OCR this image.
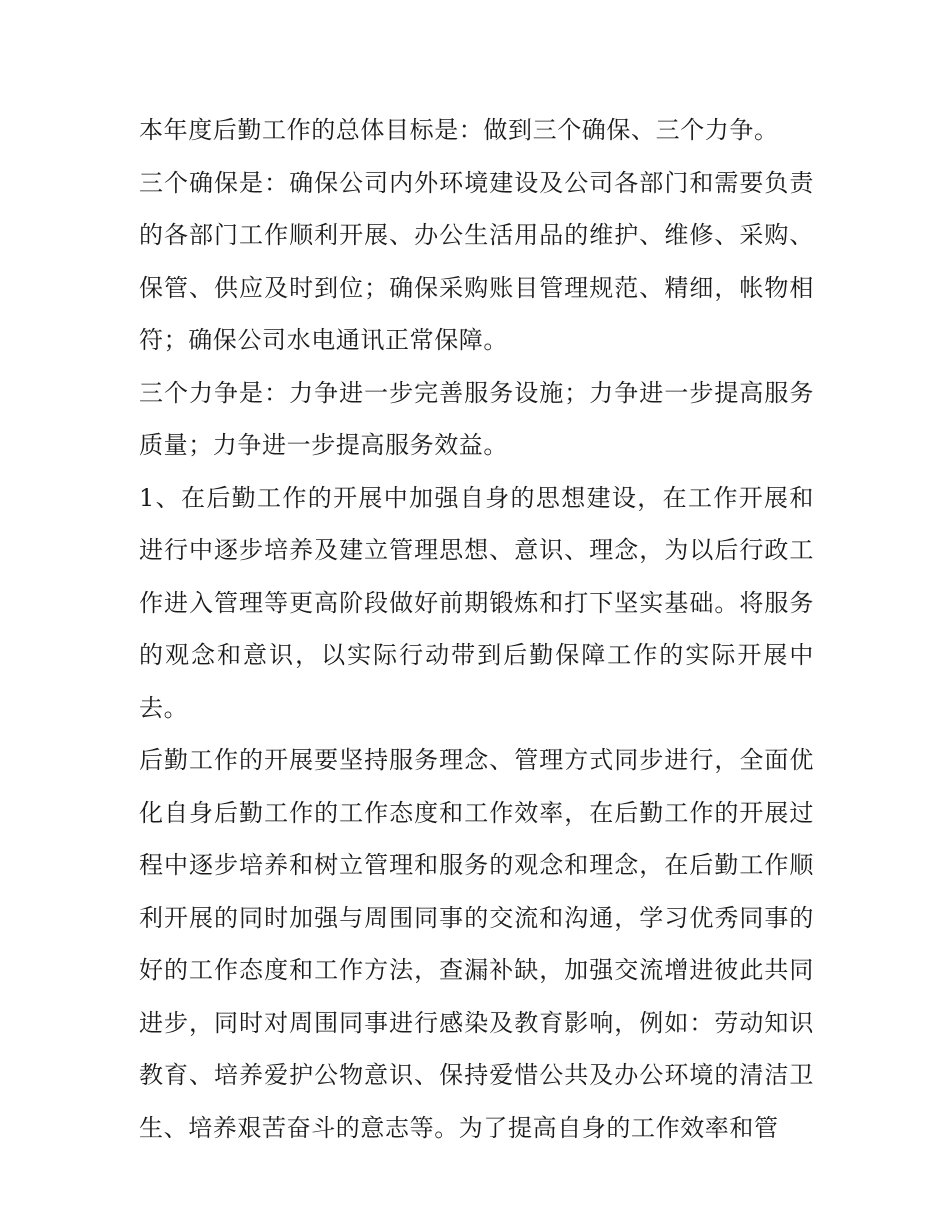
本年度后勤工作的总体目标是：做到三个确保、三个力争。

三个确保是：确保公司内外环境建设及公司各部门和需要负责的各部门工作顺利开展、办公生活用品的维护、维修、采购、保管、供应及时到位；确保采购账目管理规范、精细，帐物相符；确保公司水电通讯正常保障。

三个力争是：力争进一步完善服务设施；力争进一步提高服务质量；力争进一步提高服务效益。

1、在后勤工作的开展中加强自身的思想建设，在工作开展和进行中逐步培养及建立管理思想、意识、理念，为以后行政工作进入管理等更高阶段做好前期锻炼和打下坚实基础。将服务的观念和意识，以实际行动带到后勤保障工作的实际开展中去。

后勤工作的开展要坚持服务理念、管理方式同步进行，全面优化自身后勤工作的工作态度和工作效率，在后勤工作的开展过程中逐步培养和树立管理和服务的观念和理念，在后勤工作顺利开展的同时加强与周围同事的交流和沟通，学习优秀同事的好的工作态度和工作方法，查漏补缺，加强交流增进彼此共同进步，同时对周围同事进行感染及教育影响，例如：劳动知识教育、培养爱护公物意识、保持爱惜公共及办公环境的清洁卫生、培养艰苦奋斗的意志等。为了提高自身的工作效率和管
